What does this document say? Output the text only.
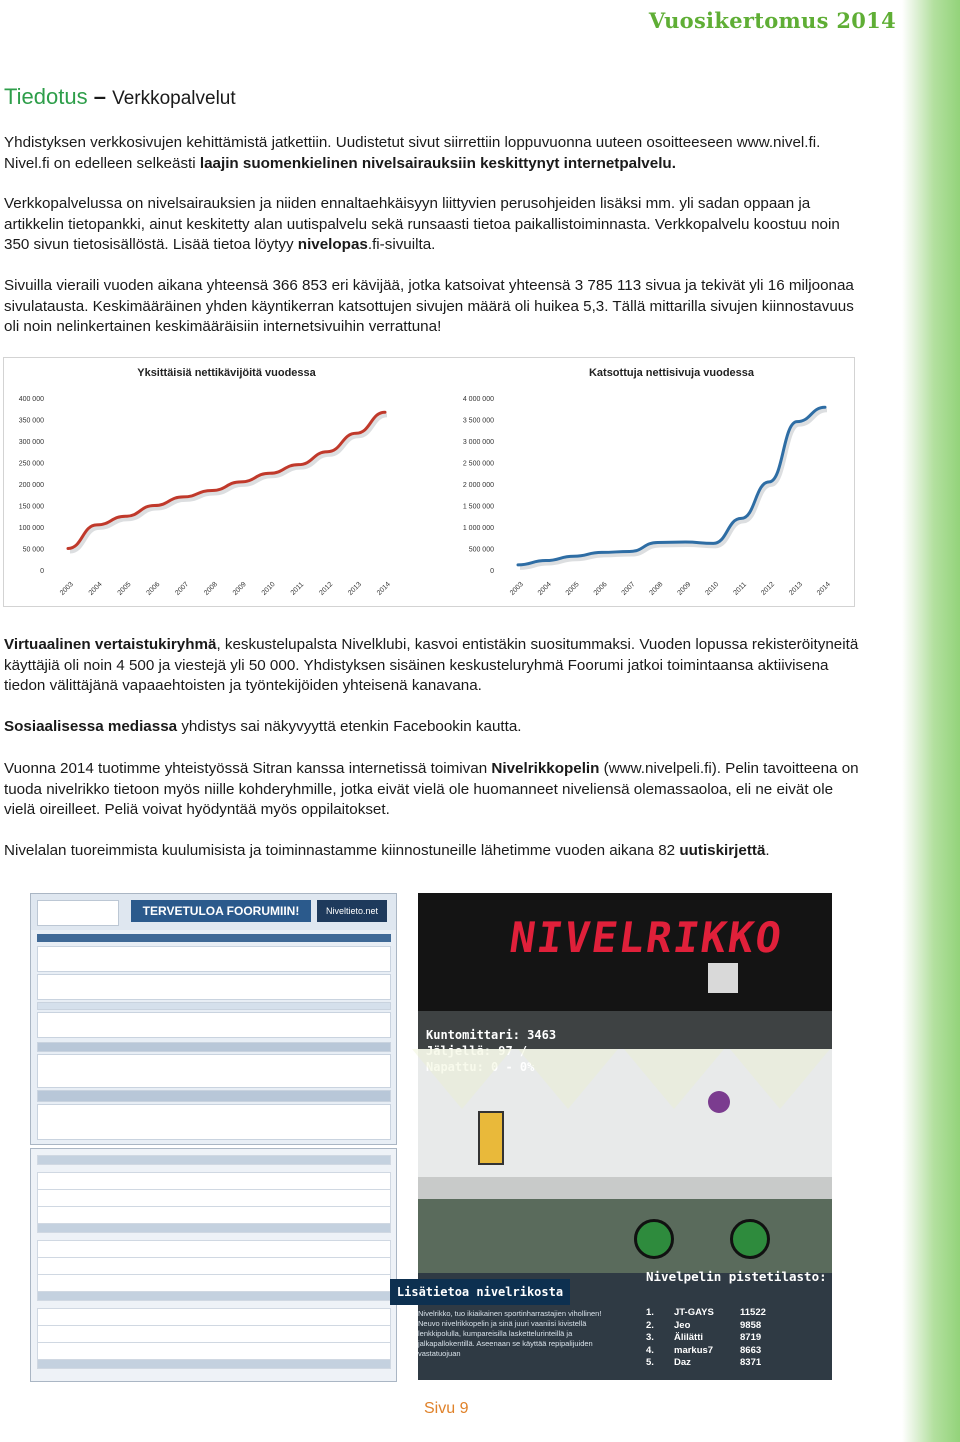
Vuosikertomus 2014
Tiedotus – Verkkopalvelut

Yhdistyksen verkkosivujen kehittämistä jatkettiin. Uudistetut sivut siirrettiin loppuvuonna uuteen osoitteeseen www.nivel.fi. Nivel.fi on edelleen selkeästi laajin suomenkielinen nivelsairauksiin keskittynyt internetpalvelu.

Verkkopalvelussa on nivelsairauksien ja niiden ennaltaehkäisyyn liittyvien perusohjeiden lisäksi mm. yli sadan oppaan ja artikkelin tietopankki, ainut keskitetty alan uutispalvelu sekä runsaasti tietoa paikallistoiminnasta. Verkkopalvelu koostuu noin 350 sivun tietosisällöstä. Lisää tietoa löytyy nivelopas.fi-sivuilta.

Sivuilla vieraili vuoden aikana yhteensä 366 853 eri kävijää, jotka katsoivat yhteensä 3 785 113 sivua ja tekivät yli 16 miljoonaa sivulatausta. Keskimääräinen yhden käyntikerran katsottujen sivujen määrä oli huikea 5,3. Tällä mittarilla sivujen kiinnostavuus oli noin nelinkertainen keskimääräisiin internetsivuihin verrattuna!

Yksittäisiä nettikävijöitä vuodessa
0
50 000
100 000
150 000
200 000
250 000
300 000
350 000
400 000
2003 2004 2005 2006 2007 2008 2009 2010 2011 2012 2013 2014
Katsottuja nettisivuja vuodessa
0
500 000
1 000 000
1 500 000
2 000 000
2 500 000
3 000 000
3 500 000
4 000 000
2003 2004 2005 2006 2007 2008 2009 2010 2011 2012 2013 2014

Virtuaalinen vertaistukiryhmä, keskustelupalsta Nivelklubi, kasvoi entistäkin suositummaksi. Vuoden lopussa rekisteröityneitä käyttäjiä oli noin 4 500 ja viestejä yli 50 000. Yhdistyksen sisäinen keskusteluryhmä Foorumi jatkoi toimintaansa aktiivisena tiedon välittäjänä vapaaehtoisten ja työntekijöiden yhteisenä kanavana.

Sosiaalisessa mediassa yhdistys sai näkyvyyttä etenkin Facebookin kautta.

Vuonna 2014 tuotimme yhteistyössä Sitran kanssa internetissä toimivan Nivelrikkopelin (www.nivelpeli.fi). Pelin tavoitteena on tuoda nivelrikko tietoon myös niille kohderyhmille, jotka eivät vielä ole huomanneet niveliensä olemassaoloa, eli ne eivät ole vielä oireilleet. Peliä voivat hyödyntää myös oppilaitokset.

Nivelalan tuoreimmista kuulumisista ja toiminnastamme kiinnostuneille lähetimme vuoden aikana 82 uutiskirjettä.

TERVETULOA FOORUMIIN!	Niveltieto.net
NIVELRIKKO
Kuntomittari: 3463
Jäljellä: 97 /
Napattu: 0 - 0%
Lisätietoa nivelrikosta
Nivelrikko, tuo ikiaikainen sportinharrastajien vihollinen! Neuvo nivelrikkopelin ja sinä juuri vaaniisi kivistellä lenkkipolulla, kumpareisilla laskettelurinteillä ja jalkapallokentillä. Aseenaan se käyttää repipalijuiden vastatuojuan
Nivelpelin pistetilasto:
1.	JT-GAYS	11522
2.	Jeo	9858
3.	Älilätti	8719
4.	markus7	8663
5.	Daz	8371
Sivu 9
